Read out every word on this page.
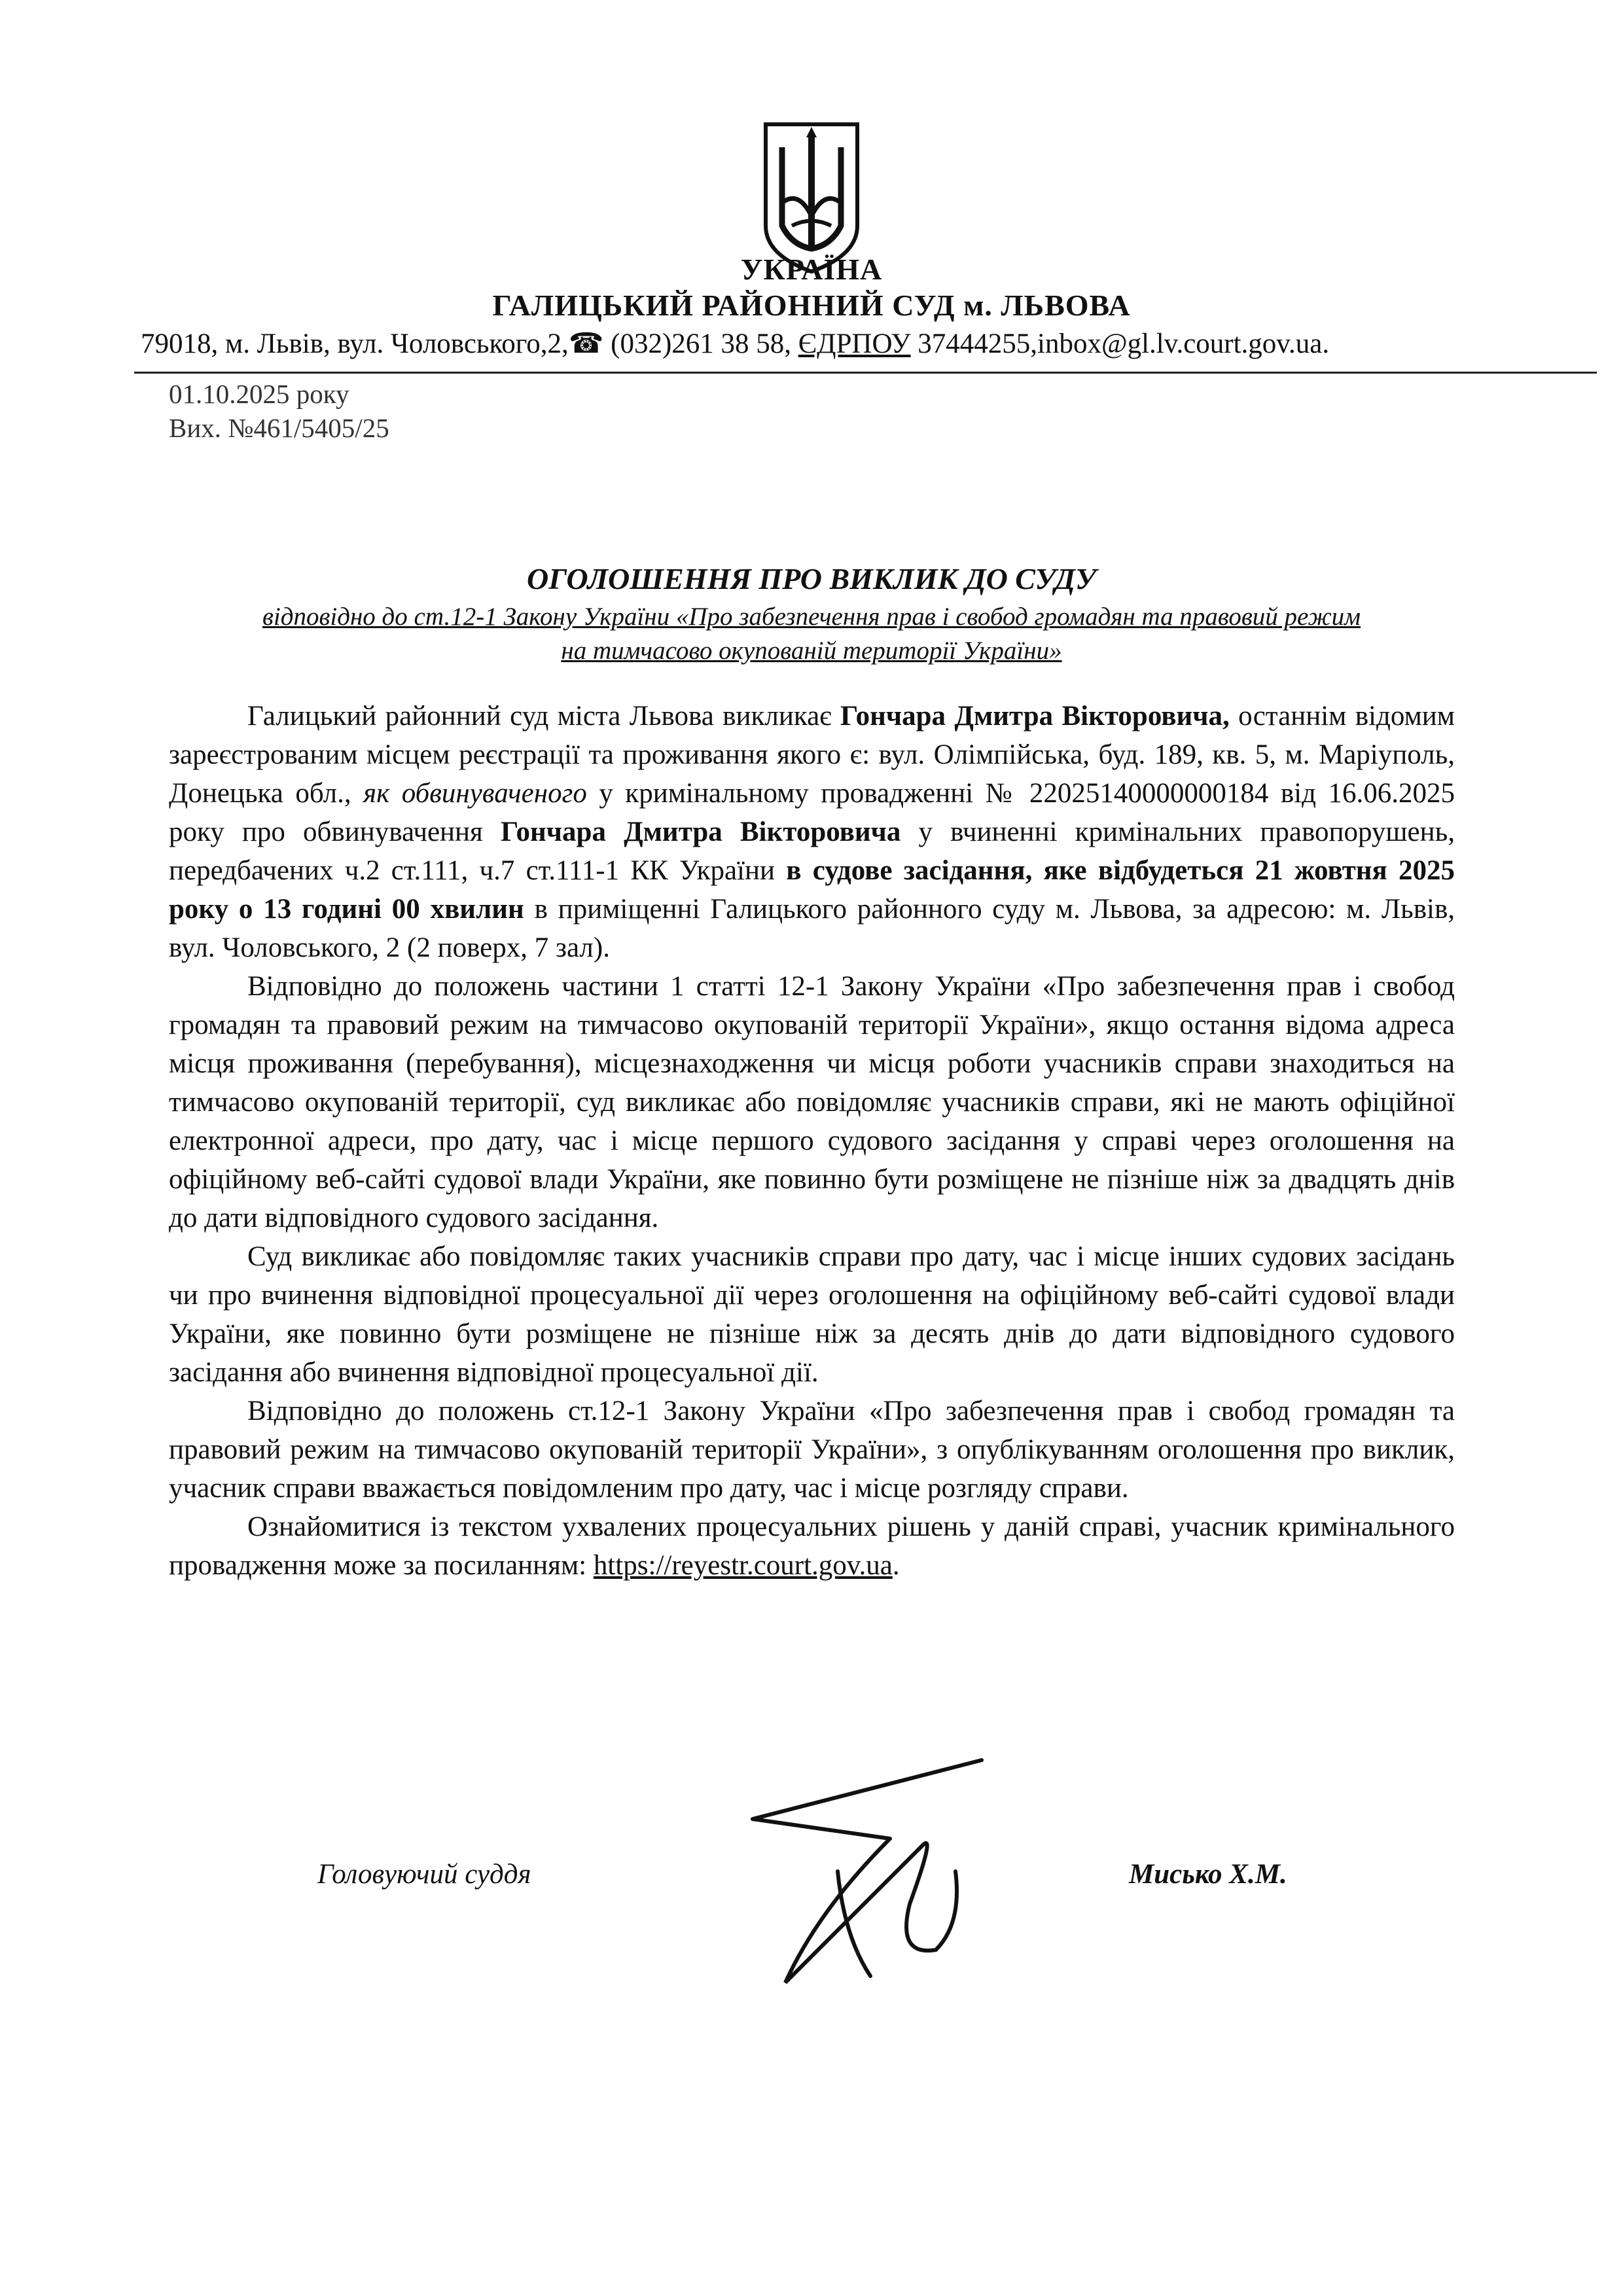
УКРАЇНА
ГАЛИЦЬКИЙ РАЙОННИЙ СУД м. ЛЬВОВА
79018, м. Львів, вул. Чоловського,2,☎ (032)261 38 58, ЄДРПОУ 37444255,inbox@gl.lv.court.gov.ua.
01.10.2025 року
Вих. №461/5405/25
ОГОЛОШЕННЯ ПРО ВИКЛИК ДО СУДУ
відповідно до ст.12-1 Закону України «Про забезпечення прав і свобод громадян та правовий режим
на тимчасово окупованій території України»

Галицький районний суд міста Львова викликає Гончара Дмитра Вікторовича, останнім відомим зареєстрованим місцем реєстрації та проживання якого є: вул. Олімпійська, буд. 189, кв. 5, м. Маріуполь, Донецька обл., як обвинуваченого у кримінальному провадженні № 22025140000000184 від 16.06.2025 року про обвинувачення Гончара Дмитра Вікторовича у вчиненні кримінальних правопорушень, передбачених ч.2 ст.111, ч.7 ст.111-1 КК України в судове засідання, яке відбудеться 21 жовтня 2025 року о 13 годині 00 хвилин в приміщенні Галицького районного суду м. Львова, за адресою: м. Львів, вул. Чоловського, 2 (2 поверх, 7 зал).

Відповідно до положень частини 1 статті 12-1 Закону України «Про забезпечення прав і свобод громадян та правовий режим на тимчасово окупованій території України», якщо остання відома адреса місця проживання (перебування), місцезнаходження чи місця роботи учасників справи знаходиться на тимчасово окупованій території, суд викликає або повідомляє учасників справи, які не мають офіційної електронної адреси, про дату, час і місце першого судового засідання у справі через оголошення на офіційному веб-сайті судової влади України, яке повинно бути розміщене не пізніше ніж за двадцять днів до дати відповідного судового засідання.

Суд викликає або повідомляє таких учасників справи про дату, час і місце інших судових засідань чи про вчинення відповідної процесуальної дії через оголошення на офіційному веб-сайті судової влади України, яке повинно бути розміщене не пізніше ніж за десять днів до дати відповідного судового засідання або вчинення відповідної процесуальної дії.

Відповідно до положень ст.12-1 Закону України «Про забезпечення прав і свобод громадян та правовий режим на тимчасово окупованій території України», з опублікуванням оголошення про виклик, учасник справи вважається повідомленим про дату, час і місце розгляду справи.

Ознайомитися із текстом ухвалених процесуальних рішень у даній справі, учасник кримінального провадження може за посиланням: https://reyestr.court.gov.ua.

Головуючий суддя	Мисько Х.М.
